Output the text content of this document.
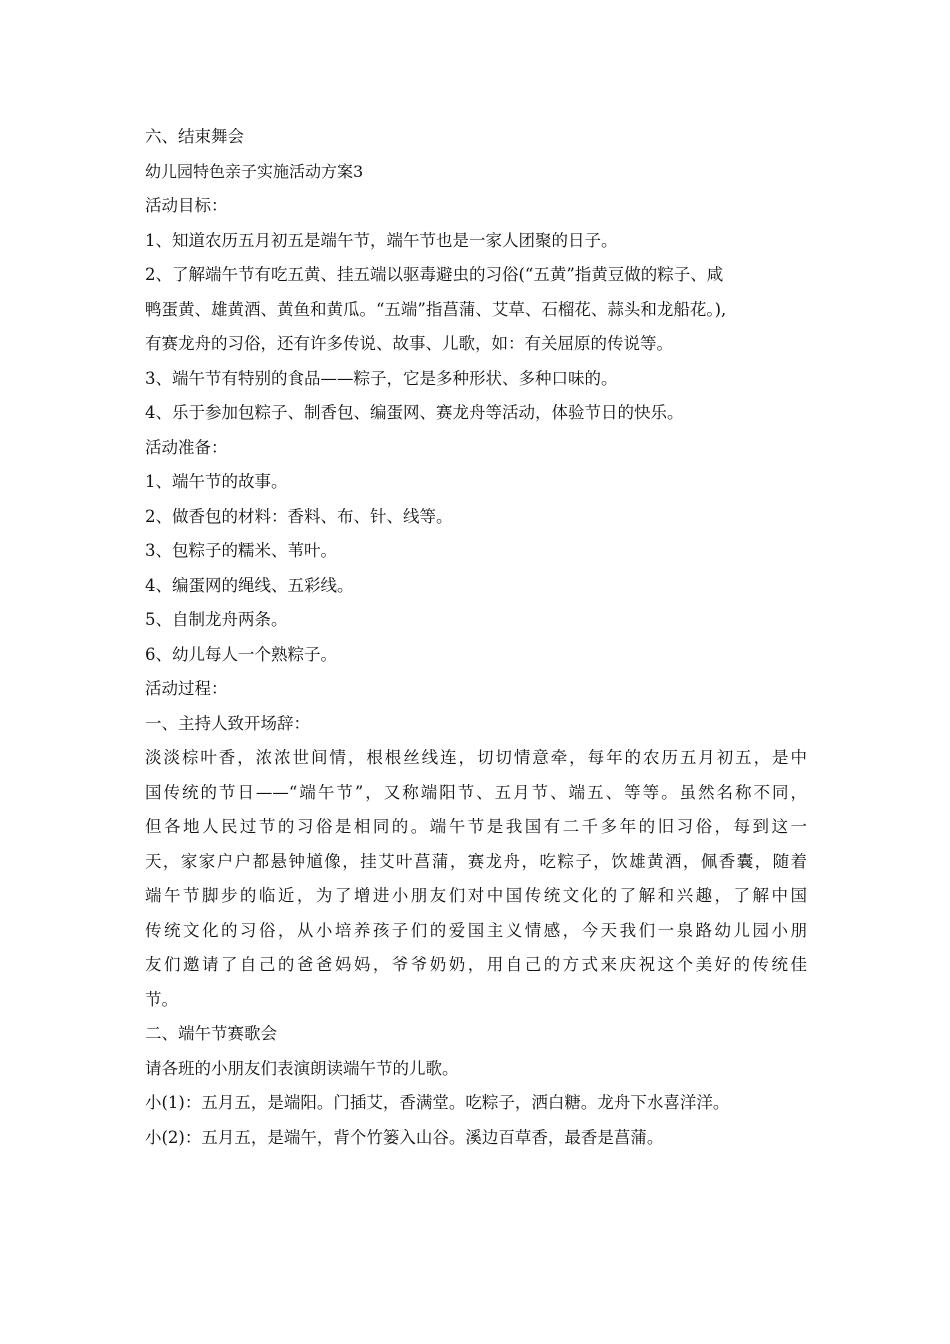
六、结束舞会
幼儿园特色亲子实施活动方案3
活动目标：
1、知道农历五月初五是端午节，端午节也是一家人团聚的日子。
2、了解端午节有吃五黄、挂五端以驱毒避虫的习俗(“五黄”指黄豆做的粽子、咸
鸭蛋黄、雄黄酒、黄鱼和黄瓜。“五端”指菖蒲、艾草、石榴花、蒜头和龙船花。),
有赛龙舟的习俗，还有许多传说、故事、儿歌，如：有关屈原的传说等。
3、端午节有特别的食品——粽子，它是多种形状、多种口味的。
4、乐于参加包粽子、制香包、编蛋网、赛龙舟等活动，体验节日的快乐。
活动准备：
1、端午节的故事。
2、做香包的材料：香料、布、针、线等。
3、包粽子的糯米、苇叶。
4、编蛋网的绳线、五彩线。
5、自制龙舟两条。
6、幼儿每人一个熟粽子。
活动过程：
一、主持人致开场辞：
淡淡棕叶香，浓浓世间情，根根丝线连，切切情意牵，每年的农历五月初五，是中
国传统的节日——“端午节”，又称端阳节、五月节、端五、等等。虽然名称不同，
但各地人民过节的习俗是相同的。端午节是我国有二千多年的旧习俗，每到这一
天，家家户户都悬钟馗像，挂艾叶菖蒲，赛龙舟，吃粽子，饮雄黄酒，佩香囊，随着
端午节脚步的临近，为了增进小朋友们对中国传统文化的了解和兴趣，了解中国
传统文化的习俗，从小培养孩子们的爱国主义情感，今天我们一泉路幼儿园小朋
友们邀请了自己的爸爸妈妈，爷爷奶奶，用自己的方式来庆祝这个美好的传统佳
节。
二、端午节赛歌会
请各班的小朋友们表演朗读端午节的儿歌。
小(1)：五月五，是端阳。门插艾，香满堂。吃粽子，洒白糖。龙舟下水喜洋洋。
小(2)：五月五，是端午，背个竹篓入山谷。溪边百草香，最香是菖蒲。
